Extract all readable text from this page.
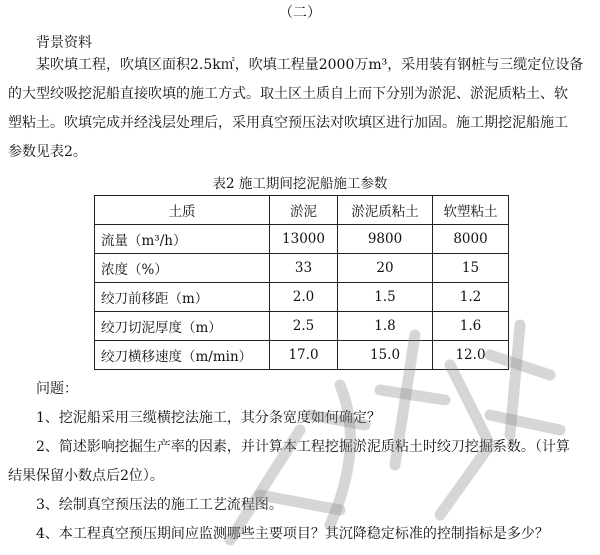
（二）
背景资料
某吹填工程，吹填区面积2.5k㎡，吹填工程量2000万m³，采用装有钢桩与三缆定位设备
的大型绞吸挖泥船直接吹填的施工方式。取土区土质自上而下分别为淤泥、淤泥质粘土、软
塑粘土。吹填完成并经浅层处理后，采用真空预压法对吹填区进行加固。施工期挖泥船施工
参数见表2。
表2 施工期间挖泥船施工参数
土质	淤泥	淤泥质粘土	软塑粘土
流量（m³/h）	13000	9800	8000
浓度（%）	33	20	15
绞刀前移距（m）	2.0	1.5	1.2
绞刀切泥厚度（m）	2.5	1.8	1.6
绞刀横移速度（m/min）	17.0	15.0	12.0
问题：
1、挖泥船采用三缆横挖法施工，其分条宽度如何确定？
2、简述影响挖掘生产率的因素，并计算本工程挖掘淤泥质粘土时绞刀挖掘系数。（计算
结果保留小数点后2位）。
3、绘制真空预压法的施工工艺流程图。
4、本工程真空预压期间应监测哪些主要项目？其沉降稳定标准的控制指标是多少？
